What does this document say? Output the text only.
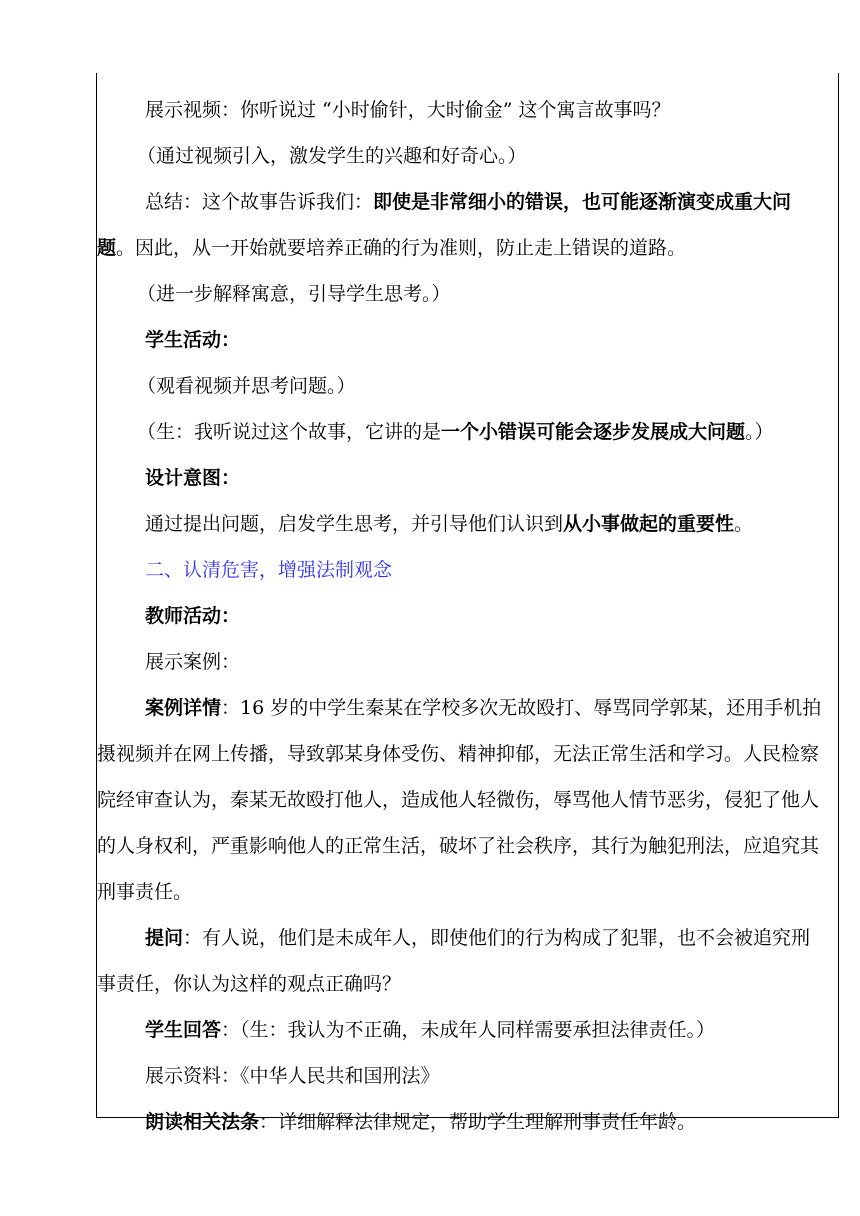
展示视频：你听说过 “小时偷针，大时偷金” 这个寓言故事吗？

（通过视频引入，激发学生的兴趣和好奇心。）

总结：这个故事告诉我们：即使是非常细小的错误，也可能逐渐演变成重大问题。因此，从一开始就要培养正确的行为准则，防止走上错误的道路。

（进一步解释寓意，引导学生思考。）

学生活动：

（观看视频并思考问题。）

（生：我听说过这个故事，它讲的是一个小错误可能会逐步发展成大问题。）

设计意图：

通过提出问题，启发学生思考，并引导他们认识到从小事做起的重要性。

二、认清危害，增强法制观念

教师活动：

展示案例：

案例详情：16 岁的中学生秦某在学校多次无故殴打、辱骂同学郭某，还用手机拍摄视频并在网上传播，导致郭某身体受伤、精神抑郁，无法正常生活和学习。人民检察院经审查认为，秦某无故殴打他人，造成他人轻微伤，辱骂他人情节恶劣，侵犯了他人的人身权利，严重影响他人的正常生活，破坏了社会秩序，其行为触犯刑法，应追究其刑事责任。

提问：有人说，他们是未成年人，即使他们的行为构成了犯罪，也不会被追究刑事责任，你认为这样的观点正确吗？

学生回答：（生：我认为不正确，未成年人同样需要承担法律责任。）

展示资料：《中华人民共和国刑法》

朗读相关法条：详细解释法律规定，帮助学生理解刑事责任年龄。
